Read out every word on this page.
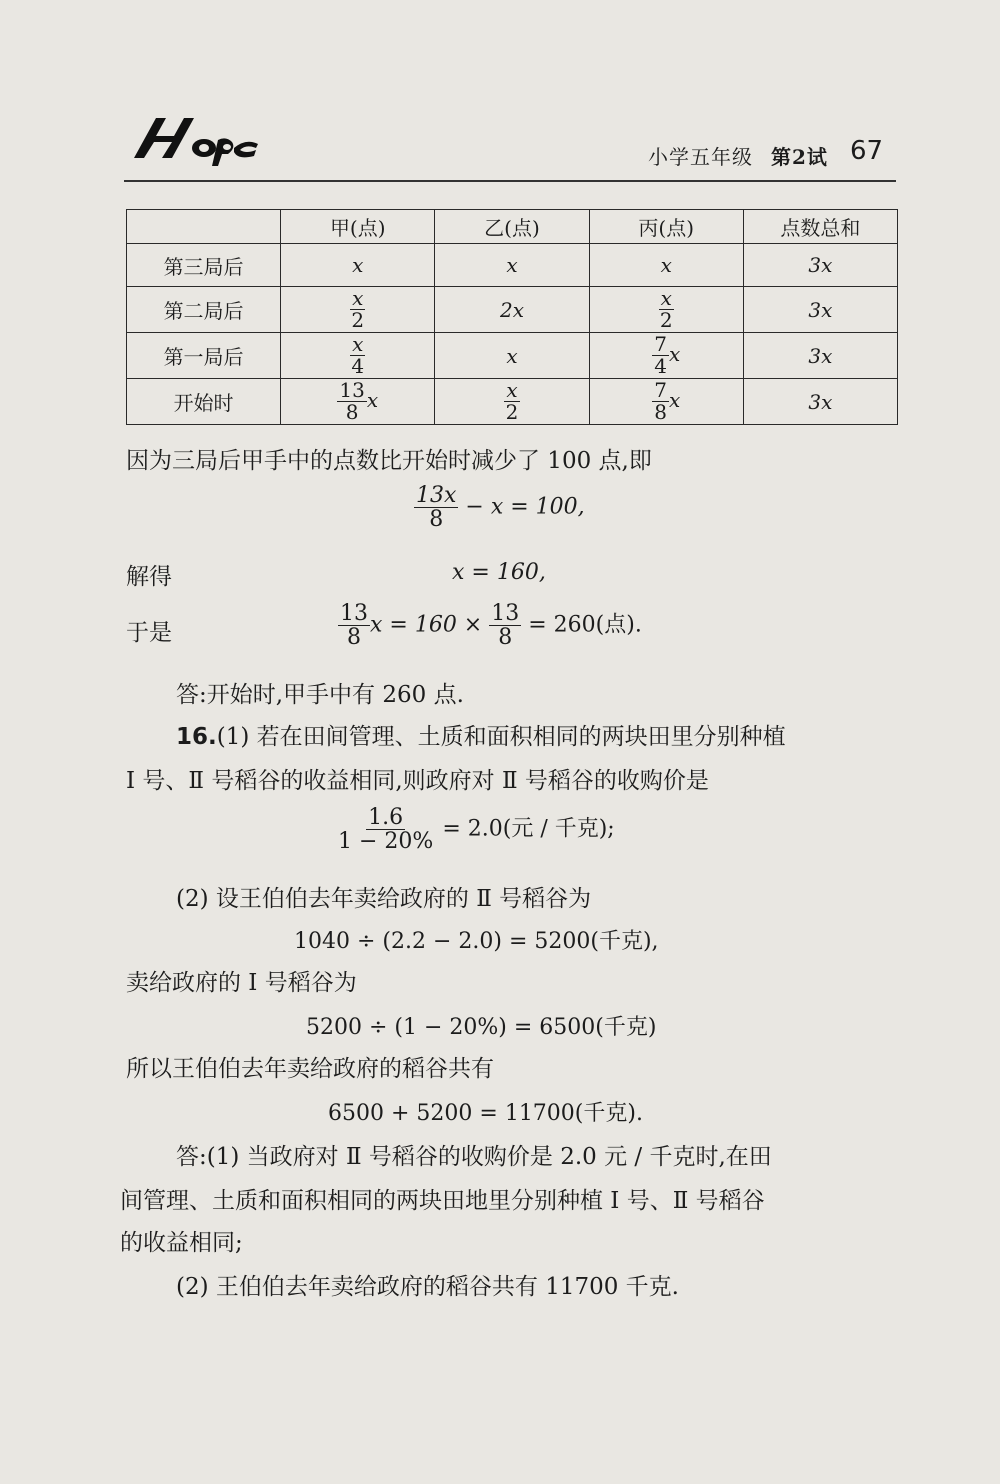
小学五年级 第2试 67
	甲(点)	乙(点)	丙(点)	点数总和
第三局后	x	x	x	3x
第二局后	$\frac{x}{2}$	2x	$\frac{x}{2}$	3x
第一局后	$\frac{x}{4}$	x	$\frac{7}{4}$ x	3x
开始时	$\frac{13}{8}$ x	$\frac{x}{2}$	$\frac{7}{8}$ x	3x
因为三局后甲手中的点数比开始时减少了 100 点,即
$\frac{13x}{8} - x = 100$,
解得	x = 160,
于是	$\frac{13}{8}$ $x = 160 \times \frac{13}{8} = 260$(点).
答:开始时,甲手中有 260 点.
16.(1) 若在田间管理、土质和面积相同的两块田里分别种植
Ⅰ 号、Ⅱ 号稻谷的收益相同,则政府对 Ⅱ 号稻谷的收购价是
$\frac{1.6}{1 - 20\%} = 2.0$(元 / 千克);
(2) 设王伯伯去年卖给政府的 Ⅱ 号稻谷为
1040 ÷ (2.2 − 2.0) = 5200(千克),
卖给政府的 Ⅰ 号稻谷为
5200 ÷ (1 − 20%) = 6500(千克)
所以王伯伯去年卖给政府的稻谷共有
6500 + 5200 = 11700(千克).
答:(1) 当政府对 Ⅱ 号稻谷的收购价是 2.0 元 / 千克时,在田
间管理、土质和面积相同的两块田地里分别种植 Ⅰ 号、Ⅱ 号稻谷
的收益相同;
(2) 王伯伯去年卖给政府的稻谷共有 11700 千克.
